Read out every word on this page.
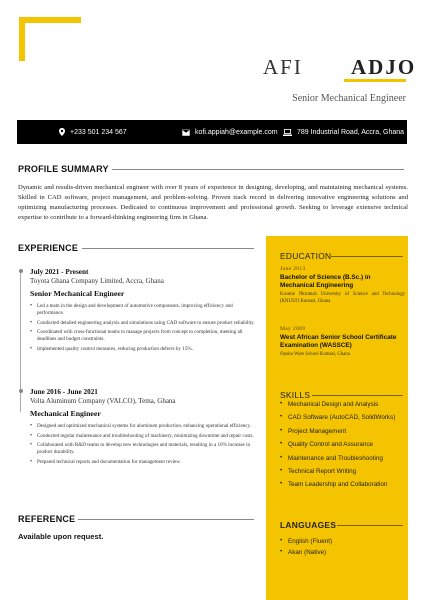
AFI ADJO
Senior Mechanical Engineer
+233 501 234 567	kofi.appiah@example.com	789 Industrial Road, Accra, Ghana
PROFILE SUMMARY
Dynamic and results-driven mechanical engineer with over 8 years of experience in designing, developing, and maintaining mechanical systems. Skilled in CAD software, project management, and problem-solving. Proven track record in delivering innovative engineering solutions and optimizing manufacturing processes. Dedicated to continuous improvement and professional growth. Seeking to leverage extensive technical expertise to contribute to a forward-thinking engineering firm in Ghana.
EXPERIENCE
July 2021 - Present
Toyota Ghana Company Limited, Accra, Ghana
Senior Mechanical Engineer
• Led a team in the design and development of automotive components, improving efficiency and performance.
• Conducted detailed engineering analysis and simulations using CAD software to ensure product reliability.
• Coordinated with cross-functional teams to manage projects from concept to completion, meeting all deadlines and budget constraints.
• Implemented quality control measures, reducing production defects by 15%.
June 2016 - June 2021
Volta Aluminum Company (VALCO), Tema, Ghana
Mechanical Engineer
• Designed and optimized mechanical systems for aluminum production, enhancing operational efficiency.
• Conducted regular maintenance and troubleshooting of machinery, minimizing downtime and repair costs.
• Collaborated with R&D teams to develop new technologies and materials, resulting in a 10% increase in product durability.
• Prepared technical reports and documentation for management review.
REFERENCE
Available upon request.
EDUCATION
June 2013
Bachelor of Science (B.Sc.) in Mechanical Engineering
Kwame Nkrumah University of Science and Technology (KNUST) Kumasi, Ghana
May 2009
West African Senior School Certificate Examination (WASSCE)
Opoku Ware School Kumasi, Ghana
SKILLS
• Mechanical Design and Analysis
• CAD Software (AutoCAD, SolidWorks)
• Project Management
• Quality Control and Assurance
• Maintenance and Troubleshooting
• Technical Report Writing
• Team Leadership and Collaboration
LANGUAGES
• English (Fluent)
• Akan (Native)
